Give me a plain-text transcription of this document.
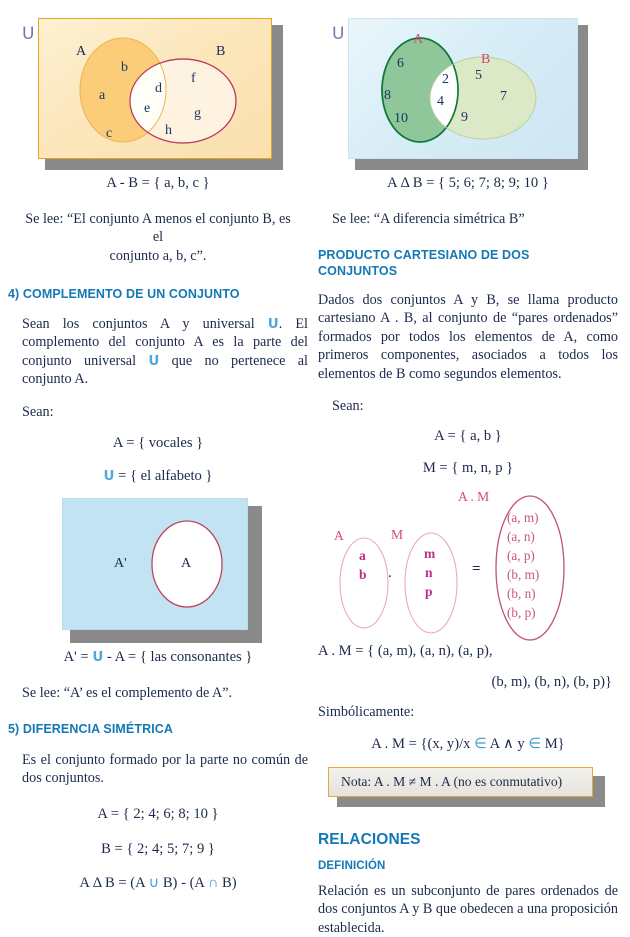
U
A	B
b
a
c
d
e
f
g
h
A - B = { a, b, c }
Se lee: “El conjunto A menos el conjunto B, es el
conjunto a, b, c”.
4) COMPLEMENTO DE UN CONJUNTO
Sean los conjuntos A y universal U. El complemento del conjunto A es la parte del conjunto universal U que no pertenece al conjunto A.
Sean:
A = { vocales }
U = { el alfabeto }
A'	A
A' = U - A = { las consonantes }
Se lee: “A’ es el complemento de A”.
5) DIFERENCIA SIMÉTRICA
Es el conjunto formado por la parte no común de dos conjuntos.
A = { 2; 4; 6; 8; 10 }
B = { 2; 4; 5; 7; 9 }
A Δ B = (A ∪ B) - (A ∩ B)
U	A
B
6
8
10
2
4
5
7
9
A Δ B = { 5; 6; 7; 8; 9; 10 }
Se lee: “A diferencia simétrica B”
PRODUCTO CARTESIANO DE DOS
CONJUNTOS
Dados dos conjuntos A y B, se llama producto cartesiano A . B, al conjunto de “pares ordenados” formados por todos los elementos de A, como primeros componentes, asociados a todos los elementos de B como segundos elementos.
Sean:
A = { a, b }
M = { m, n, p }
A	M
A . M
a
b .
m
n
p
=
(a, m)
(a, n)
(a, p)
(b, m)
(b, n)
(b, p)
A . M = { (a, m), (a, n), (a, p),
(b, m), (b, n), (b, p)}
Simbólicamente:
A . M = {(x, y)/x ∈ A ∧ y ∈ M}
Nota: A . M ≠ M . A (no es conmutativo)
RELACIONES
DEFINICIÓN
Relación es un subconjunto de pares ordenados de dos conjuntos A y B que obedecen a una proposición establecida.
